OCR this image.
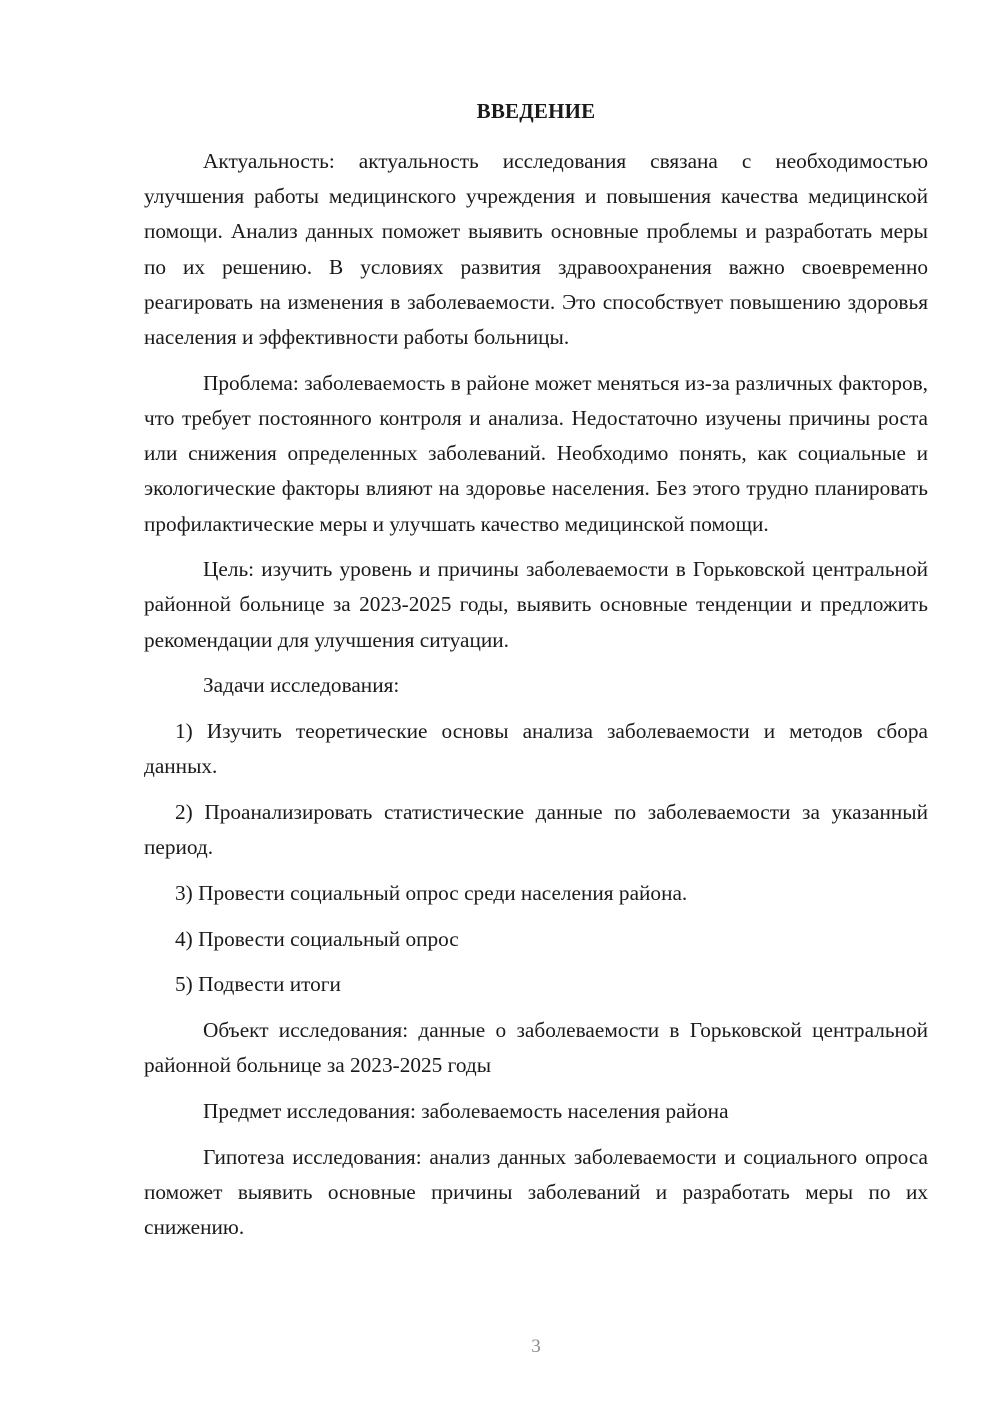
ВВЕДЕНИЕ

Актуальность: актуальность исследования связана с необходимостью улучшения работы медицинского учреждения и повышения качества медицинской помощи. Анализ данных поможет выявить основные проблемы и разработать меры по их решению. В условиях развития здравоохранения важно своевременно реагировать на изменения в заболеваемости. Это способствует повышению здоровья населения и эффективности работы больницы.

Проблема: заболеваемость в районе может меняться из-за различных факторов, что требует постоянного контроля и анализа. Недостаточно изучены причины роста или снижения определенных заболеваний. Необходимо понять, как социальные и экологические факторы влияют на здоровье населения. Без этого трудно планировать профилактические меры и улучшать качество медицинской помощи.

Цель: изучить уровень и причины заболеваемости в Горьковской центральной районной больнице за 2023-2025 годы, выявить основные тенденции и предложить рекомендации для улучшения ситуации.

Задачи исследования:

1) Изучить теоретические основы анализа заболеваемости и методов сбора данных.

2) Проанализировать статистические данные по заболеваемости за указанный период.

3) Провести социальный опрос среди населения района.

4) Провести социальный опрос

5) Подвести итоги

Объект исследования: данные о заболеваемости в Горьковской центральной районной больнице за 2023-2025 годы

Предмет исследования: заболеваемость населения района

Гипотеза исследования: анализ данных заболеваемости и социального опроса поможет выявить основные причины заболеваний и разработать меры по их снижению.

3
